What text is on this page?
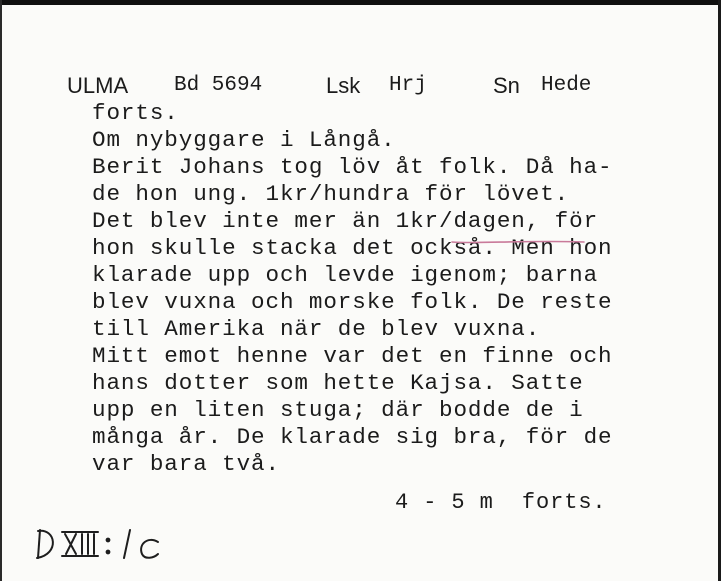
ULMA Bd 5694	Lsk Hrj	Sn Hede
forts.
Om nybyggare i Långå.
Berit Johans tog löv åt folk. Då ha-
de hon ung. 1kr/hundra för lövet.
Det blev inte mer än 1kr/dagen, för
hon skulle stacka det också. Men hon
klarade upp och levde igenom; barna
blev vuxna och morske folk. De reste
till Amerika när de blev vuxna.
Mitt emot henne var det en finne och
hans dotter som hette Kajsa. Satte
upp en liten stuga; där bodde de i
många år. De klarade sig bra, för de
var bara två.
4 - 5 m  forts.
